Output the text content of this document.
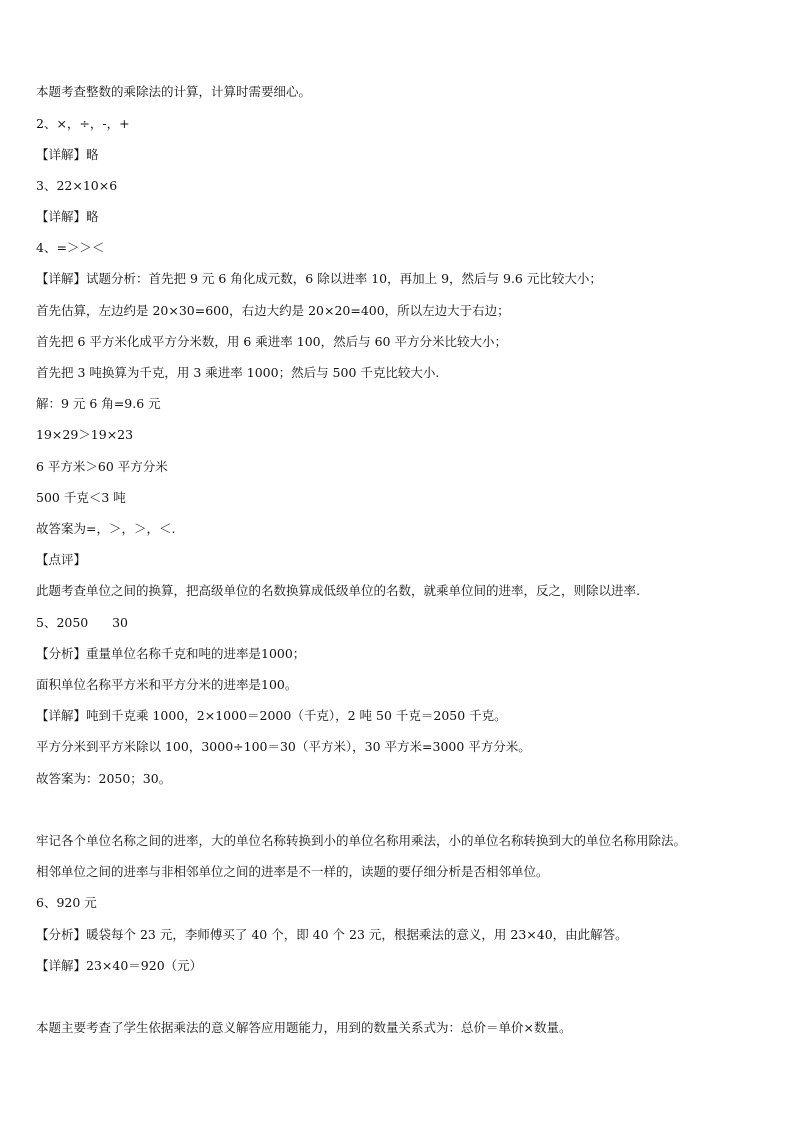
本题考查整数的乘除法的计算，计算时需要细心。
2、×，÷，-，+
【详解】略
3、22×10×6
【详解】略
4、=＞＞＜
【详解】试题分析：首先把 9 元 6 角化成元数，6 除以进率 10，再加上 9，然后与 9.6 元比较大小；
首先估算，左边约是 20×30=600，右边大约是 20×20=400，所以左边大于右边；
首先把 6 平方米化成平方分米数，用 6 乘进率 100，然后与 60 平方分米比较大小；
首先把 3 吨换算为千克，用 3 乘进率 1000；然后与 500 千克比较大小.
解：9 元 6 角=9.6 元
19×29＞19×23
6 平方米＞60 平方分米
500 千克＜3 吨
故答案为=，＞，＞，＜.
【点评】
此题考查单位之间的换算，把高级单位的名数换算成低级单位的名数，就乘单位间的进率，反之，则除以进率.
5、2050      30
【分析】重量单位名称千克和吨的进率是1000；
面积单位名称平方米和平方分米的进率是100。
【详解】吨到千克乘 1000，2×1000＝2000（千克），2 吨 50 千克＝2050 千克。
平方分米到平方米除以 100，3000÷100＝30（平方米），30 平方米=3000 平方分米。
故答案为：2050；30。
牢记各个单位名称之间的进率，大的单位名称转换到小的单位名称用乘法，小的单位名称转换到大的单位名称用除法。
相邻单位之间的进率与非相邻单位之间的进率是不一样的，读题的要仔细分析是否相邻单位。
6、920 元
【分析】暖袋每个 23 元，李师傅买了 40 个，即 40 个 23 元，根据乘法的意义，用 23×40，由此解答。
【详解】23×40＝920（元）
本题主要考查了学生依据乘法的意义解答应用题能力，用到的数量关系式为：总价＝单价×数量。
